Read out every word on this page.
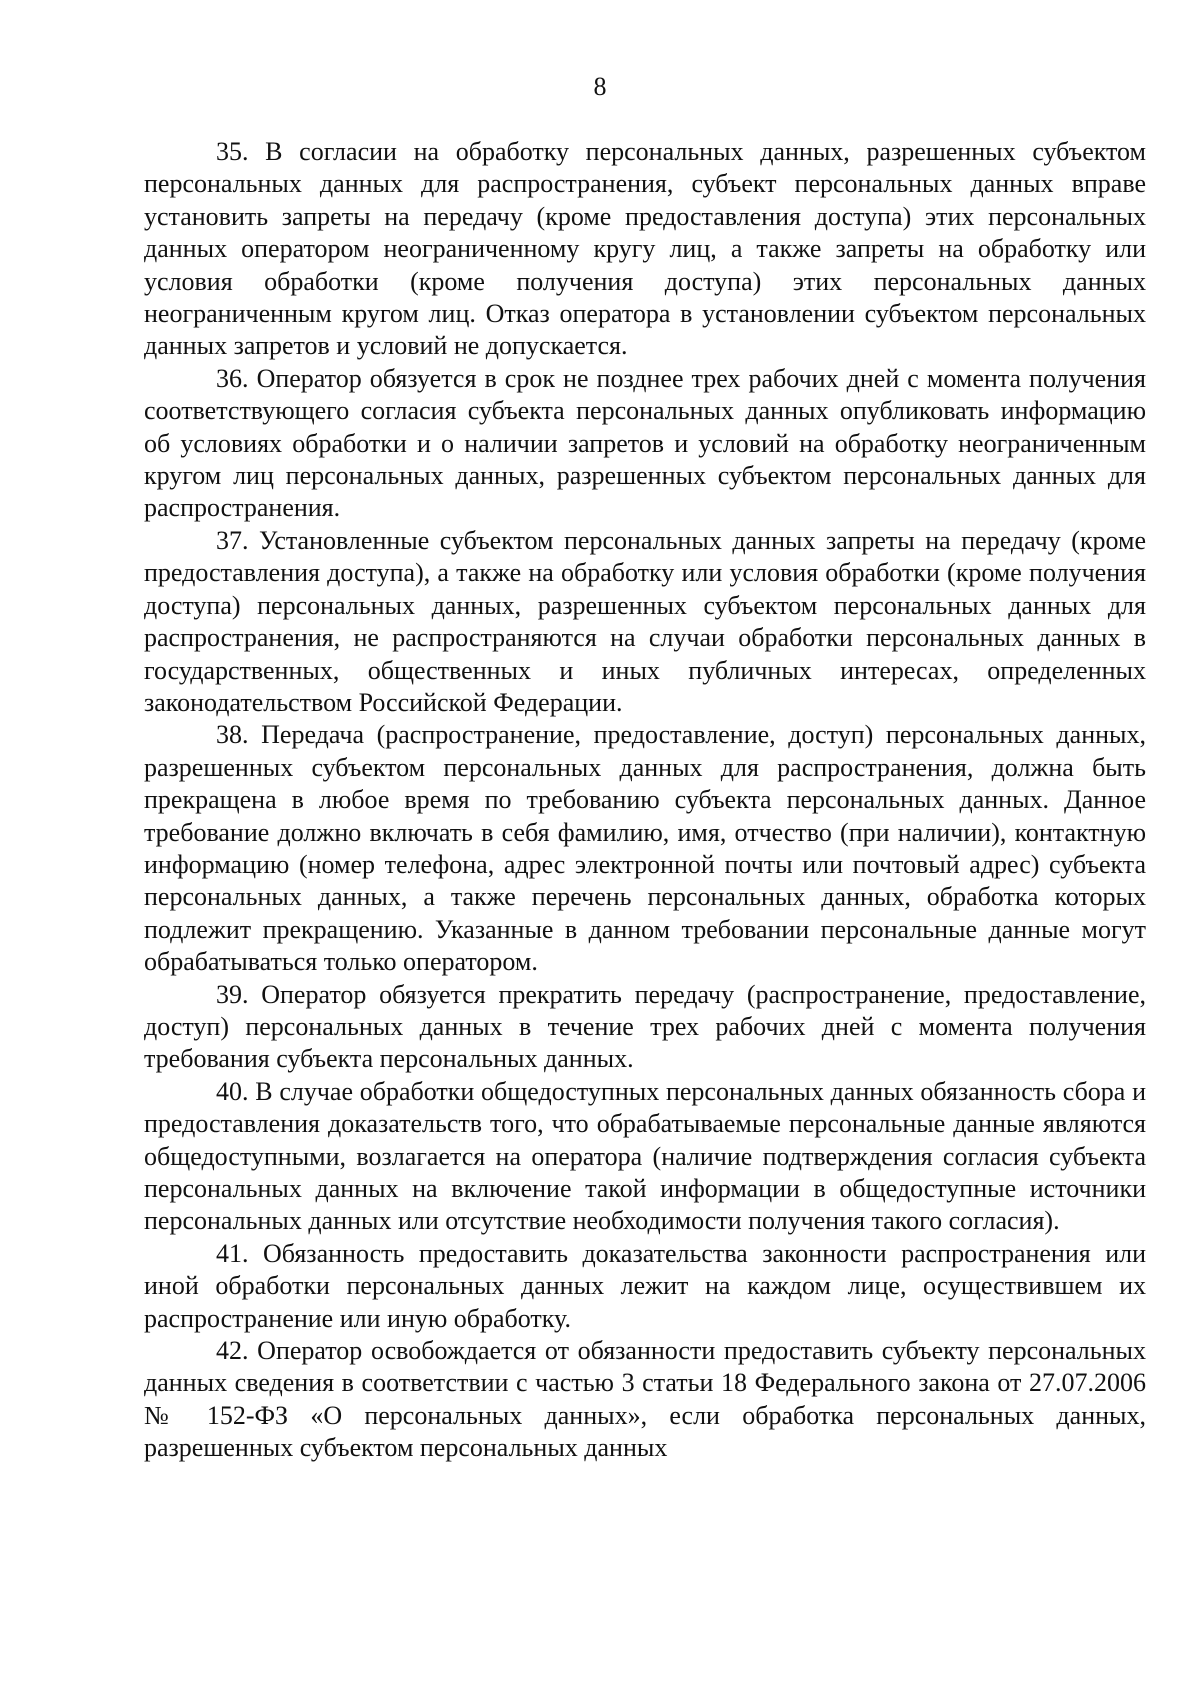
8

35. В согласии на обработку персональных данных, разрешенных субъектом персональных данных для распространения, субъект персональных данных вправе установить запреты на передачу (кроме предоставления доступа) этих персональных данных оператором неограниченному кругу лиц, а также запреты на обработку или условия обработки (кроме получения доступа) этих персональных данных неограниченным кругом лиц. Отказ оператора в установлении субъектом персональных данных запретов и условий не допускается.

36. Оператор обязуется в срок не позднее трех рабочих дней с момента получения соответствующего согласия субъекта персональных данных опубликовать информацию об условиях обработки и о наличии запретов и условий на обработку неограниченным кругом лиц персональных данных, разрешенных субъектом персональных данных для распространения.

37. Установленные субъектом персональных данных запреты на передачу (кроме предоставления доступа), а также на обработку или условия обработки (кроме получения доступа) персональных данных, разрешенных субъектом персональных данных для распространения, не распространяются на случаи обработки персональных данных в государственных, общественных и иных публичных интересах, определенных законодательством Российской Федерации.

38. Передача (распространение, предоставление, доступ) персональных данных, разрешенных субъектом персональных данных для распространения, должна быть прекращена в любое время по требованию субъекта персональных данных. Данное требование должно включать в себя фамилию, имя, отчество (при наличии), контактную информацию (номер телефона, адрес электронной почты или почтовый адрес) субъекта персональных данных, а также перечень персональных данных, обработка которых подлежит прекращению. Указанные в данном требовании персональные данные могут обрабатываться только оператором.

39. Оператор обязуется прекратить передачу (распространение, предоставление, доступ) персональных данных в течение трех рабочих дней с момента получения требования субъекта персональных данных.

40. В случае обработки общедоступных персональных данных обязанность сбора и предоставления доказательств того, что обрабатываемые персональные данные являются общедоступными, возлагается на оператора (наличие подтверждения согласия субъекта персональных данных на включение такой информации в общедоступные источники персональных данных или отсутствие необходимости получения такого согласия).

41. Обязанность предоставить доказательства законности распространения или иной обработки персональных данных лежит на каждом лице, осуществившем их распространение или иную обработку.

42. Оператор освобождается от обязанности предоставить субъекту персональных данных сведения в соответствии с частью 3 статьи 18 Федерального закона от 27.07.2006 № 152-ФЗ «О персональных данных», если обработка персональных данных, разрешенных субъектом персональных данных
